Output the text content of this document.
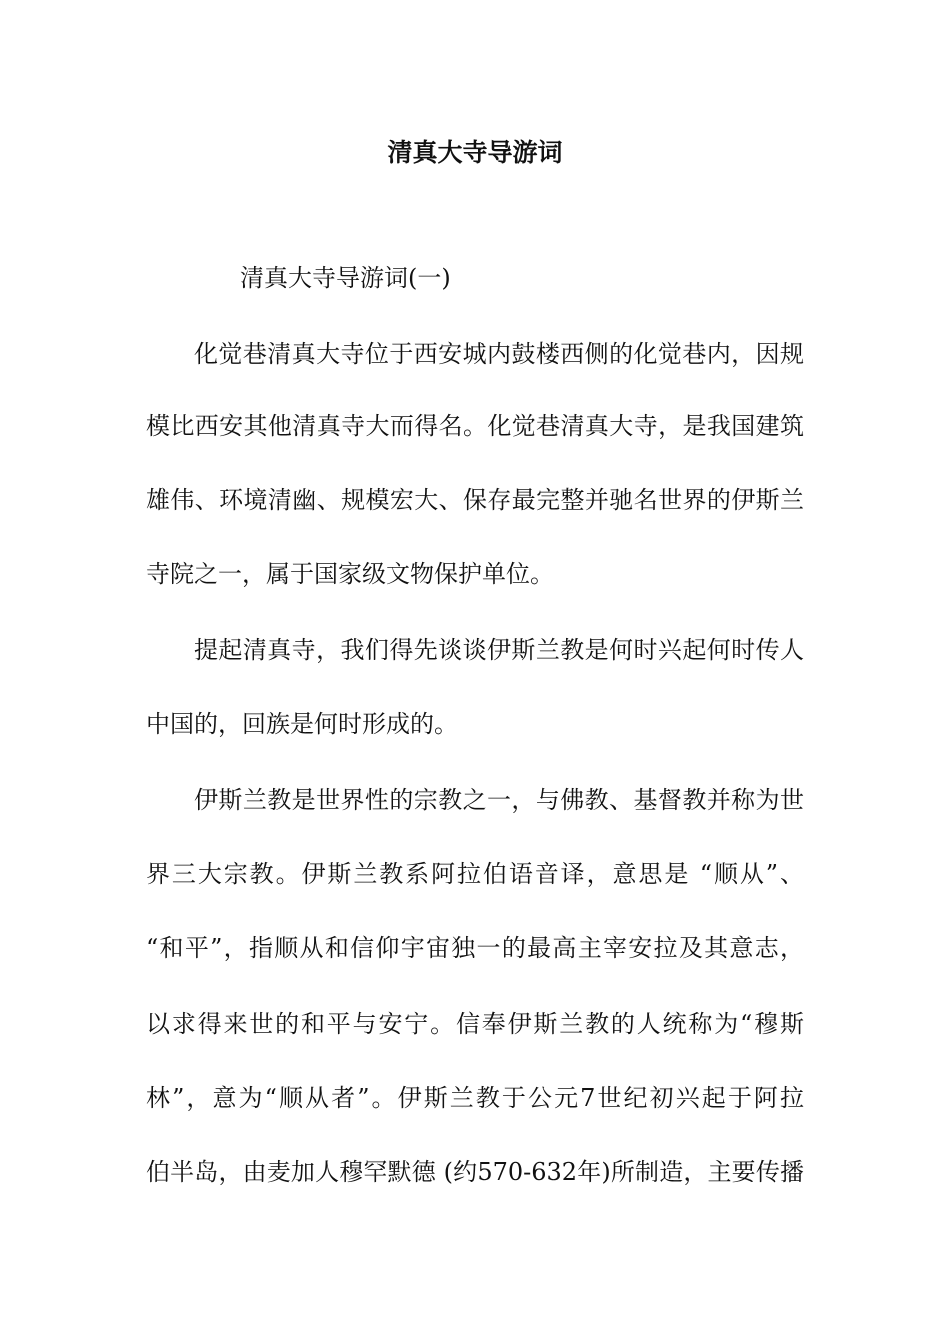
清真大寺导游词
清真大寺导游词(一)
化觉巷清真大寺位于西安城内鼓楼西侧的化觉巷内，因规
模比西安其他清真寺大而得名。化觉巷清真大寺，是我国建筑
雄伟、环境清幽、规模宏大、保存最完整并驰名世界的伊斯兰
寺院之一，属于国家级文物保护单位。
提起清真寺，我们得先谈谈伊斯兰教是何时兴起何时传人
中国的，回族是何时形成的。
伊斯兰教是世界性的宗教之一，与佛教、基督教并称为世
界三大宗教。伊斯兰教系阿拉伯语音译，意思是 “顺从”、
“和平”，指顺从和信仰宇宙独一的最高主宰安拉及其意志，
以求得来世的和平与安宁。信奉伊斯兰教的人统称为“穆斯
林”，意为“顺从者”。伊斯兰教于公元7世纪初兴起于阿拉
伯半岛，由麦加人穆罕默德 (约570-632年)所制造，主要传播
